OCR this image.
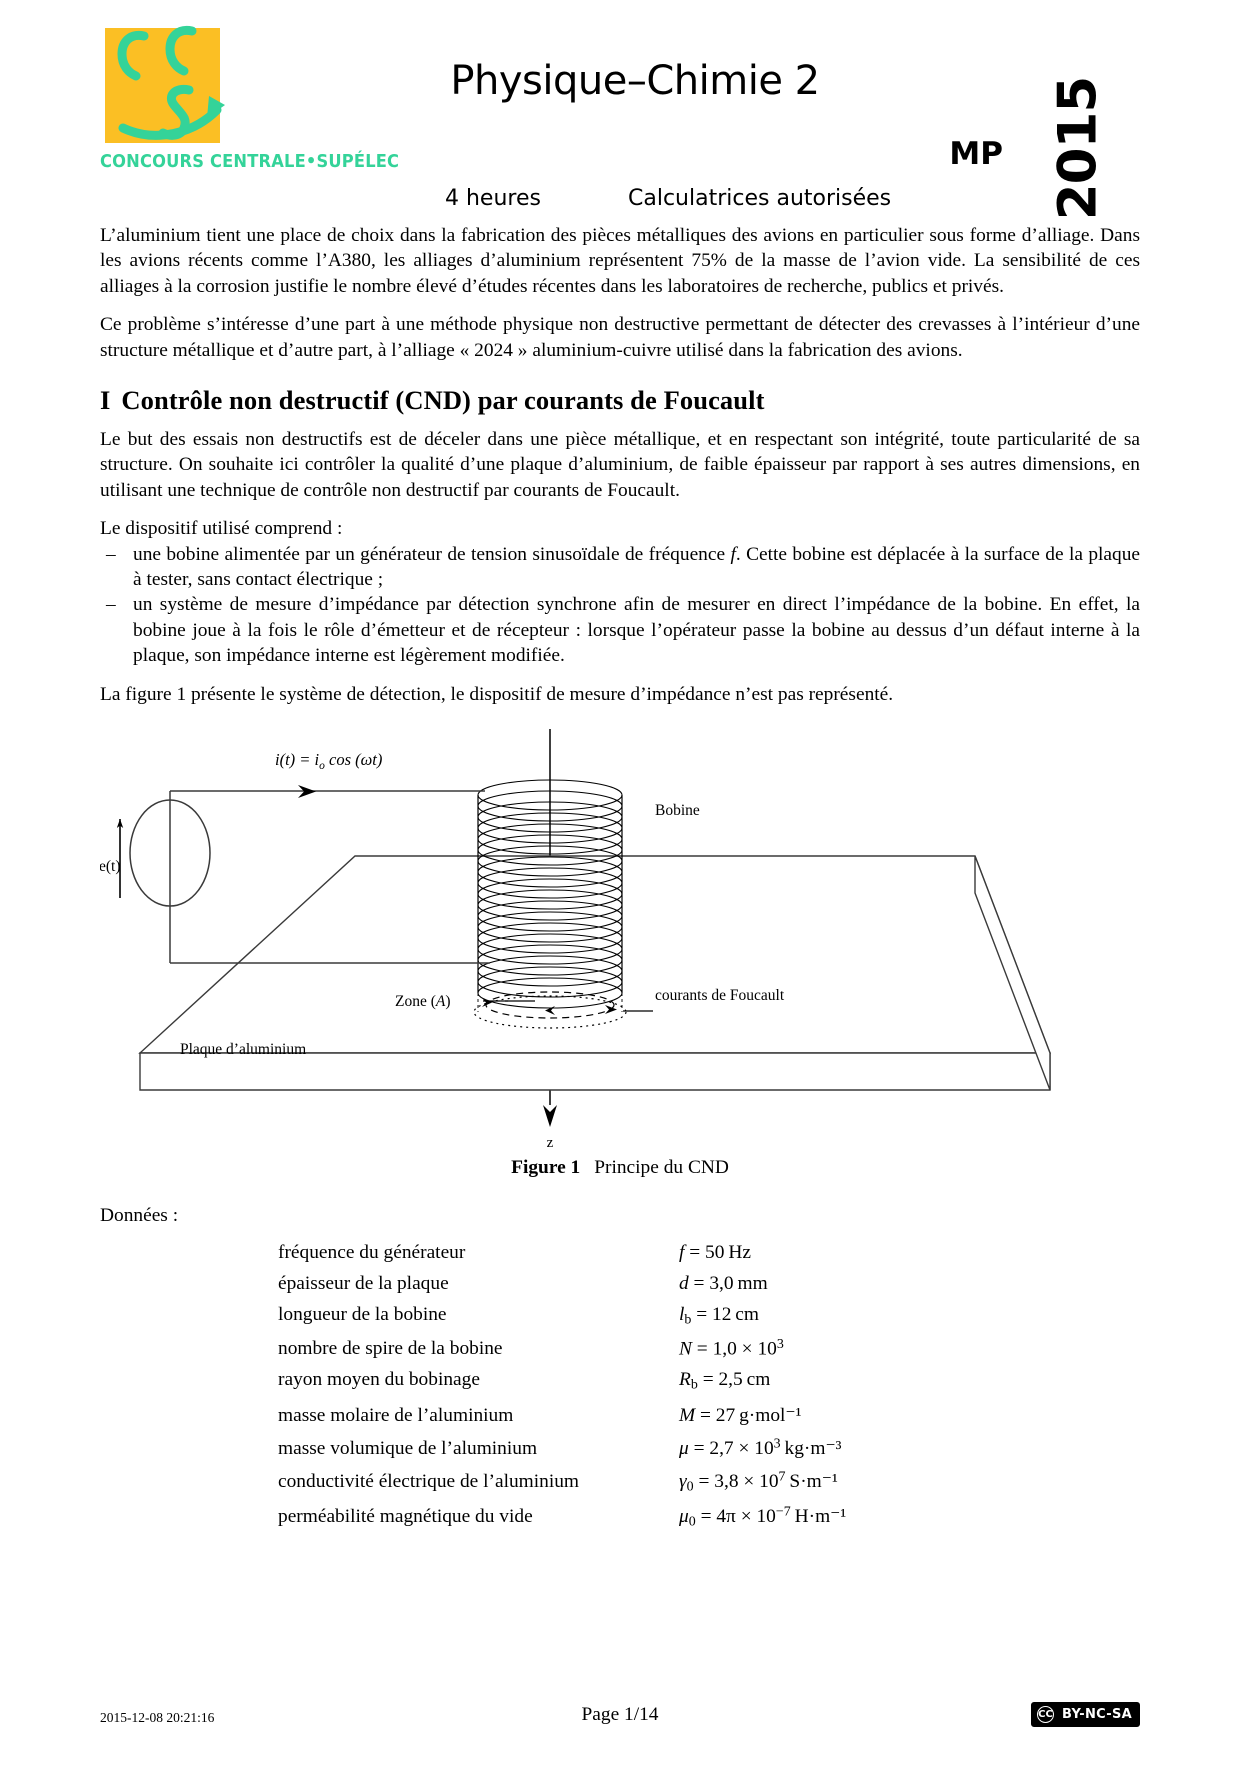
CONCOURS CENTRALE•SUPÉLEC
Physique–Chimie 2
MP 2015
4 heures	Calculatrices autorisées

L’aluminium tient une place de choix dans la fabrication des pièces métalliques des avions en particulier sous forme d’alliage. Dans les avions récents comme l’A380, les alliages d’aluminium représentent 75% de la masse de l’avion vide. La sensibilité de ces alliages à la corrosion justifie le nombre élevé d’études récentes dans les laboratoires de recherche, publics et privés.

Ce problème s’intéresse d’une part à une méthode physique non destructive permettant de détecter des crevasses à l’intérieur d’une structure métallique et d’autre part, à l’alliage « 2024 » aluminium-cuivre utilisé dans la fabrication des avions.

I Contrôle non destructif (CND) par courants de Foucault

Le but des essais non destructifs est de déceler dans une pièce métallique, et en respectant son intégrité, toute particularité de sa structure. On souhaite ici contrôler la qualité d’une plaque d’aluminium, de faible épaisseur par rapport à ses autres dimensions, en utilisant une technique de contrôle non destructif par courants de Foucault.

Le dispositif utilisé comprend :

– une bobine alimentée par un générateur de tension sinusoïdale de fréquence f. Cette bobine est déplacée à la surface de la plaque à tester, sans contact électrique ;
– un système de mesure d’impédance par détection synchrone afin de mesurer en direct l’impédance de la bobine. En effet, la bobine joue à la fois le rôle d’émetteur et de récepteur : lorsque l’opérateur passe la bobine au dessus d’un défaut interne à la plaque, son impédance interne est légèrement modifiée.

La figure 1 présente le système de détection, le dispositif de mesure d’impédance n’est pas représenté.

z
e(t)
$i(t) = i_o$ cos (ωt)
Bobine
Zone (A)	courants de Foucault
Plaque d’aluminium
Figure 1 Principe du CND
Données :
fréquence du générateur	f = 50  Hz
épaisseur de la plaque	d = 3,0  mm
longueur de la bobine	$l_b = 12$  cm
nombre de spire de la bobine	$N = 1,0 \times 10^3$
rayon moyen du bobinage	$R_b = 2,5$  cm
masse molaire de l’aluminium	M = 27  g·mol⁻¹
masse volumique de l’aluminium	$\mu = 2,7 \times 10^3$  kg·m⁻³
conductivité électrique de l’aluminium	$\gamma_0 = 3,8 \times 10^7$  S·m⁻¹
perméabilité magnétique du vide	$\mu_0 = 4\pi \times 10^{-7}$  H·m⁻¹
2015-12-08 20:21:16	Page 1/14	CC BY-NC-SA
